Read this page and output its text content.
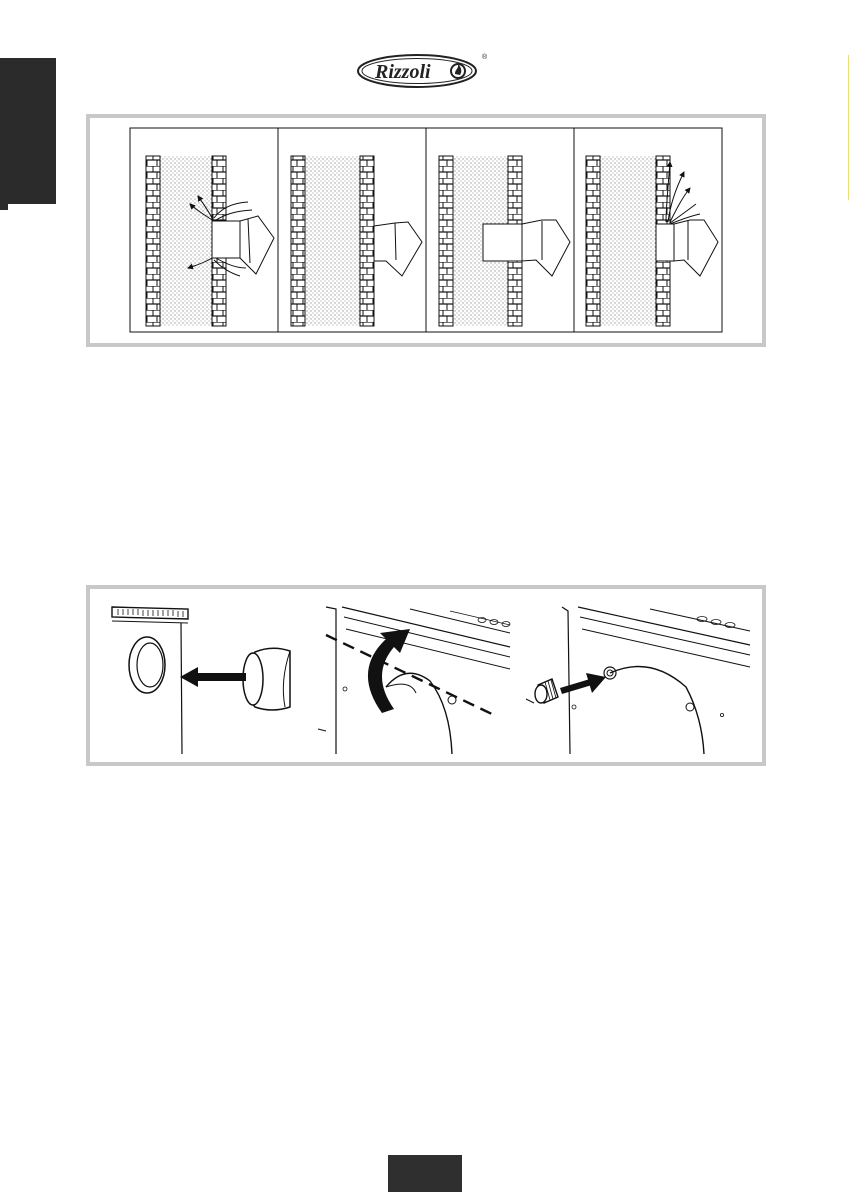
Rizzoli
®
